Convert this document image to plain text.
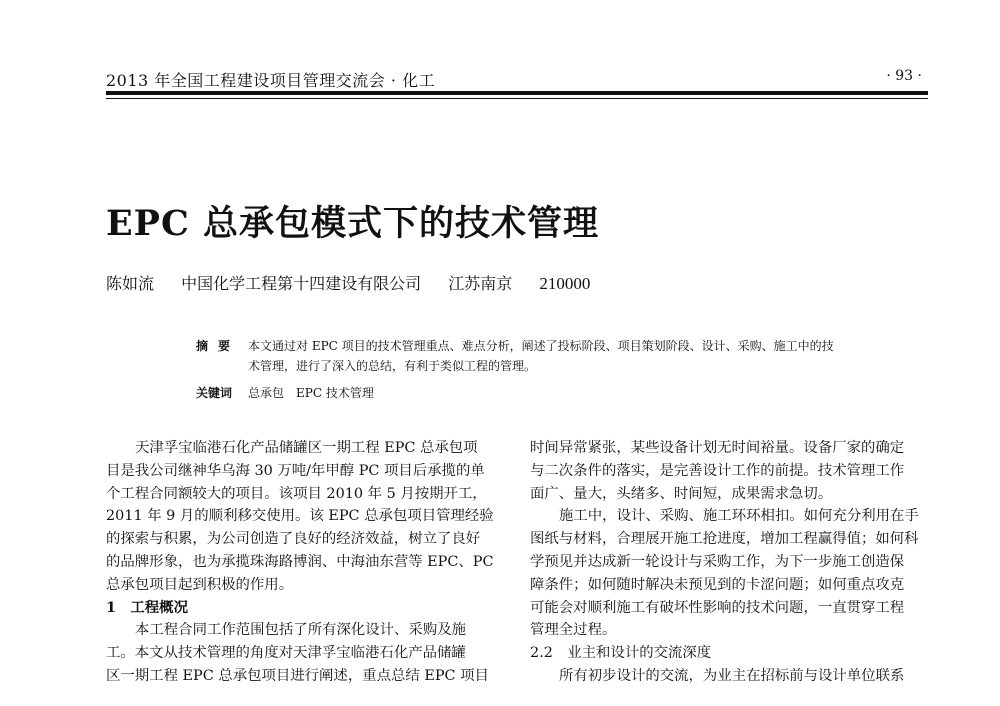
2013 年全国工程建设项目管理交流会 · 化工	· 93 ·
EPC 总承包模式下的技术管理
陈如流 中国化学工程第十四建设有限公司 江苏南京 210000
摘要 本文通过对 EPC 项目的技术管理重点、难点分析，阐述了投标阶段、项目策划阶段、设计、采购、施工中的技
术管理，进行了深入的总结，有利于类似工程的管理。
关键词 总承包　EPC 技术管理
天津孚宝临港石化产品储罐区一期工程 EPC 总承包项
目是我公司继神华乌海 30 万吨/年甲醇 PC 项目后承揽的单
个工程合同额较大的项目。该项目 2010 年 5 月按期开工，
2011 年 9 月的顺利移交使用。该 EPC 总承包项目管理经验
的探索与积累，为公司创造了良好的经济效益，树立了良好
的品牌形象，也为承揽珠海路博润、中海油东营等 EPC、PC
总承包项目起到积极的作用。
1　工程概况
本工程合同工作范围包括了所有深化设计、采购及施
工。本文从技术管理的角度对天津孚宝临港石化产品储罐
区一期工程 EPC 总承包项目进行阐述，重点总结 EPC 项目
时间异常紧张，某些设备计划无时间裕量。设备厂家的确定
与二次条件的落实，是完善设计工作的前提。技术管理工作
面广、量大，头绪多、时间短，成果需求急切。
施工中，设计、采购、施工环环相扣。如何充分利用在手
图纸与材料，合理展开施工抢进度，增加工程赢得值；如何科
学预见并达成新一轮设计与采购工作，为下一步施工创造保
障条件；如何随时解决未预见到的卡涩问题；如何重点攻克
可能会对顺利施工有破坏性影响的技术问题，一直贯穿工程
管理全过程。
2.2　业主和设计的交流深度
所有初步设计的交流，为业主在招标前与设计单位联系
